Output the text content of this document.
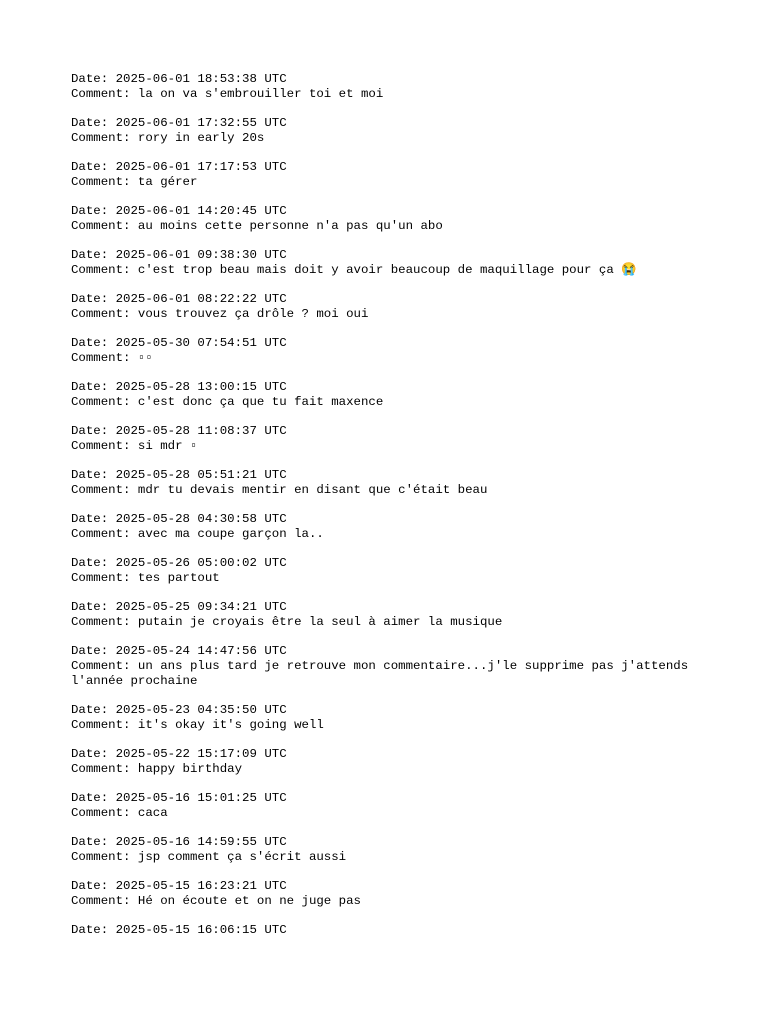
Date: 2025-06-01 18:53:38 UTC
Comment: la on va s'embrouiller toi et moi
Date: 2025-06-01 17:32:55 UTC
Comment: rory in early 20s
Date: 2025-06-01 17:17:53 UTC
Comment: ta gérer
Date: 2025-06-01 14:20:45 UTC
Comment: au moins cette personne n'a pas qu'un abo
Date: 2025-06-01 09:38:30 UTC
Comment: c'est trop beau mais doit y avoir beaucoup de maquillage pour ça 😭
Date: 2025-06-01 08:22:22 UTC
Comment: vous trouvez ça drôle ? moi oui
Date: 2025-05-30 07:54:51 UTC
Comment: ▫▫
Date: 2025-05-28 13:00:15 UTC
Comment: c'est donc ça que tu fait maxence
Date: 2025-05-28 11:08:37 UTC
Comment: si mdr ▫
Date: 2025-05-28 05:51:21 UTC
Comment: mdr tu devais mentir en disant que c'était beau
Date: 2025-05-28 04:30:58 UTC
Comment: avec ma coupe garçon la..
Date: 2025-05-26 05:00:02 UTC
Comment: tes partout
Date: 2025-05-25 09:34:21 UTC
Comment: putain je croyais être la seul à aimer la musique
Date: 2025-05-24 14:47:56 UTC
Comment: un ans plus tard je retrouve mon commentaire...j'le supprime pas j'attends l'année prochaine
Date: 2025-05-23 04:35:50 UTC
Comment: it's okay it's going well
Date: 2025-05-22 15:17:09 UTC
Comment: happy birthday
Date: 2025-05-16 15:01:25 UTC
Comment: caca
Date: 2025-05-16 14:59:55 UTC
Comment: jsp comment ça s'écrit aussi
Date: 2025-05-15 16:23:21 UTC
Comment: Hé on écoute et on ne juge pas
Date: 2025-05-15 16:06:15 UTC
